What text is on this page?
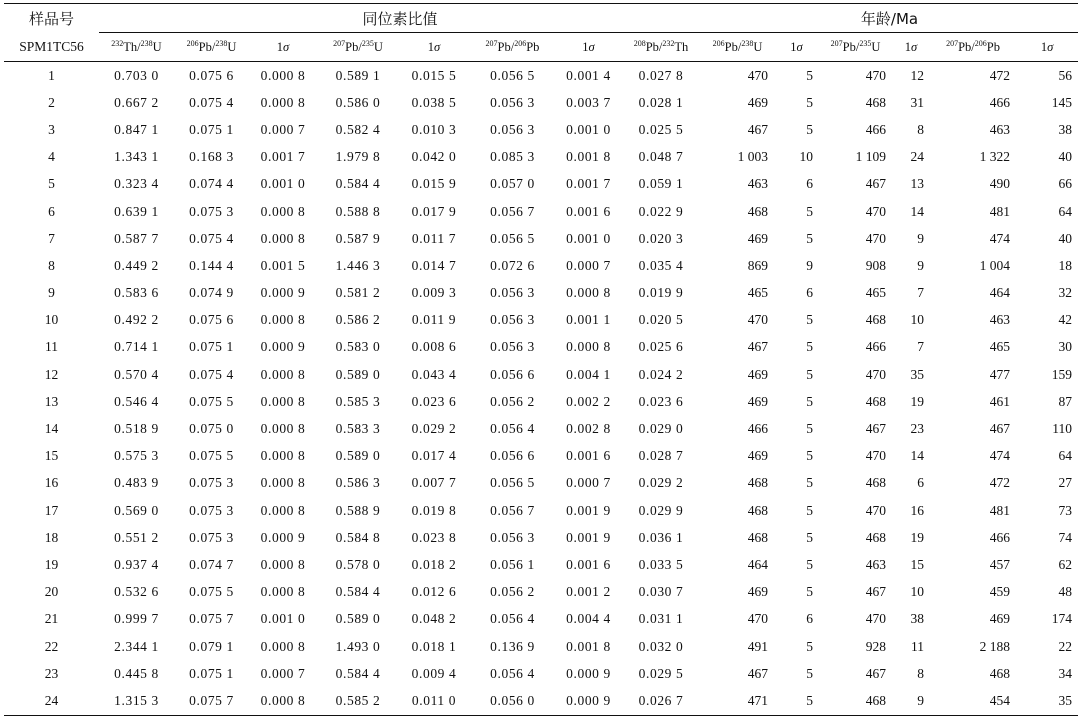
样品号	同位素比值								年龄/Ma					
SPM1TC56	$^{232}$Th/$^{238}$U	$^{206}$Pb/$^{238}$U	1σ	$^{207}$Pb/$^{235}$U	1σ	$^{207}$Pb/$^{206}$Pb	1σ	$^{208}$Pb/$^{232}$Th	$^{206}$Pb/$^{238}$U	1σ	$^{207}$Pb/$^{235}$U	1σ	$^{207}$Pb/$^{206}$Pb	1σ
1	0.703 0	0.075 6	0.000 8	0.589 1	0.015 5	0.056 5	0.001 4	0.027 8	470	5	470	12	472	56
2	0.667 2	0.075 4	0.000 8	0.586 0	0.038 5	0.056 3	0.003 7	0.028 1	469	5	468	31	466	145
3	0.847 1	0.075 1	0.000 7	0.582 4	0.010 3	0.056 3	0.001 0	0.025 5	467	5	466	8	463	38
4	1.343 1	0.168 3	0.001 7	1.979 8	0.042 0	0.085 3	0.001 8	0.048 7	1 003	10	1 109	24	1 322	40
5	0.323 4	0.074 4	0.001 0	0.584 4	0.015 9	0.057 0	0.001 7	0.059 1	463	6	467	13	490	66
6	0.639 1	0.075 3	0.000 8	0.588 8	0.017 9	0.056 7	0.001 6	0.022 9	468	5	470	14	481	64
7	0.587 7	0.075 4	0.000 8	0.587 9	0.011 7	0.056 5	0.001 0	0.020 3	469	5	470	9	474	40
8	0.449 2	0.144 4	0.001 5	1.446 3	0.014 7	0.072 6	0.000 7	0.035 4	869	9	908	9	1 004	18
9	0.583 6	0.074 9	0.000 9	0.581 2	0.009 3	0.056 3	0.000 8	0.019 9	465	6	465	7	464	32
10	0.492 2	0.075 6	0.000 8	0.586 2	0.011 9	0.056 3	0.001 1	0.020 5	470	5	468	10	463	42
11	0.714 1	0.075 1	0.000 9	0.583 0	0.008 6	0.056 3	0.000 8	0.025 6	467	5	466	7	465	30
12	0.570 4	0.075 4	0.000 8	0.589 0	0.043 4	0.056 6	0.004 1	0.024 2	469	5	470	35	477	159
13	0.546 4	0.075 5	0.000 8	0.585 3	0.023 6	0.056 2	0.002 2	0.023 6	469	5	468	19	461	87
14	0.518 9	0.075 0	0.000 8	0.583 3	0.029 2	0.056 4	0.002 8	0.029 0	466	5	467	23	467	110
15	0.575 3	0.075 5	0.000 8	0.589 0	0.017 4	0.056 6	0.001 6	0.028 7	469	5	470	14	474	64
16	0.483 9	0.075 3	0.000 8	0.586 3	0.007 7	0.056 5	0.000 7	0.029 2	468	5	468	6	472	27
17	0.569 0	0.075 3	0.000 8	0.588 9	0.019 8	0.056 7	0.001 9	0.029 9	468	5	470	16	481	73
18	0.551 2	0.075 3	0.000 9	0.584 8	0.023 8	0.056 3	0.001 9	0.036 1	468	5	468	19	466	74
19	0.937 4	0.074 7	0.000 8	0.578 0	0.018 2	0.056 1	0.001 6	0.033 5	464	5	463	15	457	62
20	0.532 6	0.075 5	0.000 8	0.584 4	0.012 6	0.056 2	0.001 2	0.030 7	469	5	467	10	459	48
21	0.999 7	0.075 7	0.001 0	0.589 0	0.048 2	0.056 4	0.004 4	0.031 1	470	6	470	38	469	174
22	2.344 1	0.079 1	0.000 8	1.493 0	0.018 1	0.136 9	0.001 8	0.032 0	491	5	928	11	2 188	22
23	0.445 8	0.075 1	0.000 7	0.584 4	0.009 4	0.056 4	0.000 9	0.029 5	467	5	467	8	468	34
24	1.315 3	0.075 7	0.000 8	0.585 2	0.011 0	0.056 0	0.000 9	0.026 7	471	5	468	9	454	35
